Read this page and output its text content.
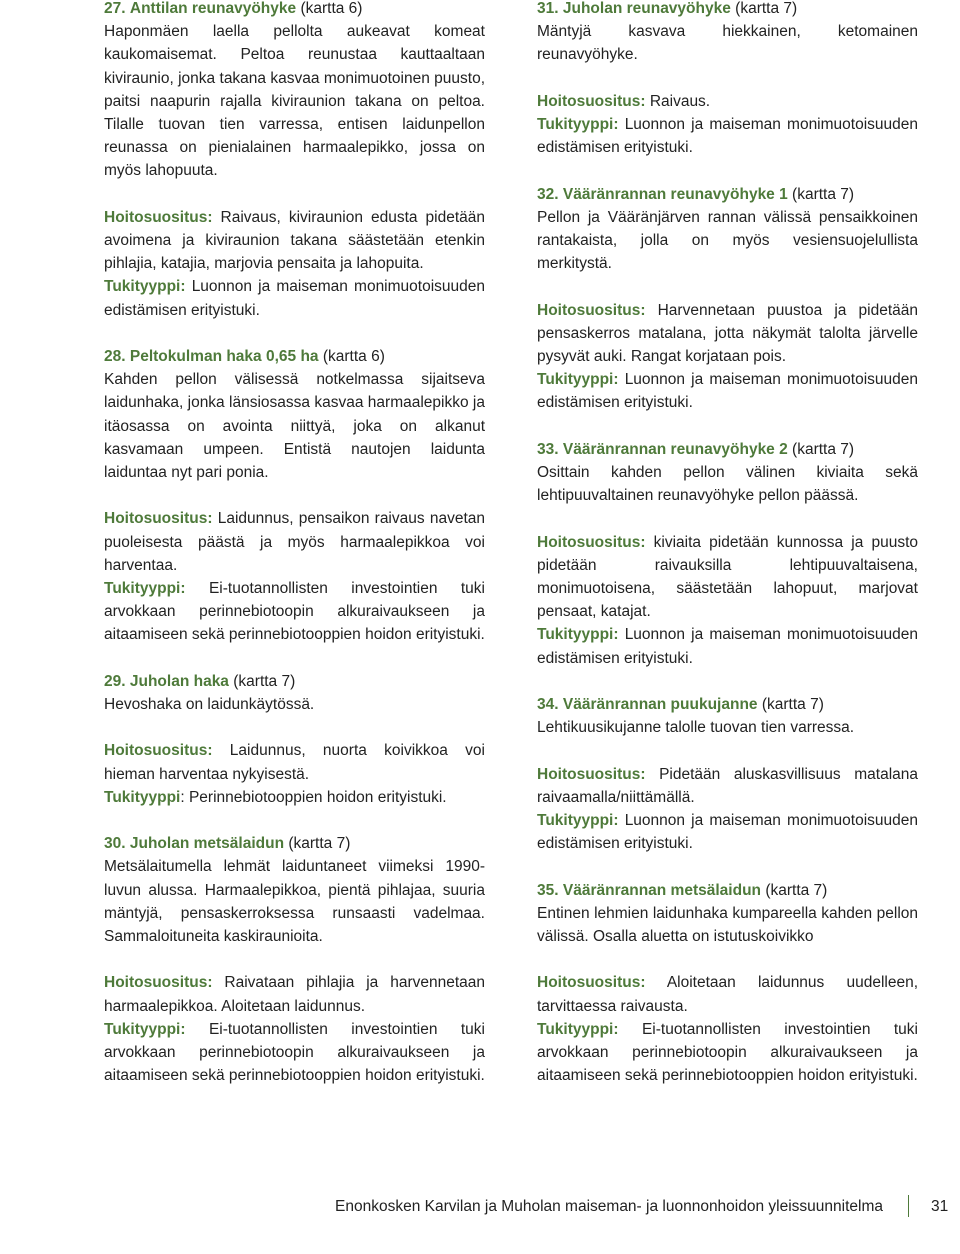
27. Anttilan reunavyöhyke (kartta 6)
Haponmäen laella pellolta aukeavat komeat kaukomaisemat. Peltoa reunustaa kauttaaltaan kiviraunio, jonka takana kasvaa monimuotoinen puusto, paitsi naapurin rajalla kiviraunion takana on peltoa. Tilalle tuovan tien varressa, entisen laidunpellon reunassa on pienialainen harmaalepikko, jossa on myös lahopuuta.

Hoitosuositus: Raivaus, kiviraunion edusta pidetään avoimena ja kiviraunion takana säästetään etenkin pihlajia, katajia, marjovia pensaita ja lahopuita.
Tukityyppi: Luonnon ja maiseman monimuotoisuuden edistämisen erityistuki.

28. Peltokulman haka 0,65 ha (kartta 6)
Kahden pellon välisessä notkelmassa sijaitseva laidunhaka, jonka länsiosassa kasvaa harmaalepikko ja itäosassa on avointa niittyä, joka on alkanut kasvamaan umpeen. Entistä nautojen laidunta laiduntaa nyt pari ponia.

Hoitosuositus: Laidunnus, pensaikon raivaus navetan puoleisesta päästä ja myös harmaalepikkoa voi harventaa.
Tukityyppi: Ei-tuotannollisten investointien tuki arvokkaan perinnebiotoopin alkuraivaukseen ja aitaamiseen sekä perinnebiotooppien hoidon erityistuki.

29. Juholan haka (kartta 7)
Hevoshaka on laidunkäytössä.

Hoitosuositus: Laidunnus, nuorta koivikkoa voi hieman harventaa nykyisestä.
Tukityyppi: Perinnebiotooppien hoidon erityistuki.

30. Juholan metsälaidun (kartta 7)
Metsälaitumella lehmät laiduntaneet viimeksi 1990-luvun alussa. Harmaalepikkoa, pientä pihlajaa, suuria mäntyjä, pensaskerroksessa runsaasti vadelmaa. Sammaloituneita kaskiraunioita.

Hoitosuositus: Raivataan pihlajia ja harvennetaan harmaalepikkoa. Aloitetaan laidunnus.
Tukityyppi: Ei-tuotannollisten investointien tuki arvokkaan perinnebiotoopin alkuraivaukseen ja aitaamiseen sekä perinnebiotooppien hoidon erityistuki.

31. Juholan reunavyöhyke (kartta 7)
Mäntyjä kasvava hiekkainen, ketomainen reunavyöhyke.

Hoitosuositus: Raivaus.
Tukityyppi: Luonnon ja maiseman monimuotoisuuden edistämisen erityistuki.

32. Vääränrannan reunavyöhyke 1 (kartta 7)
Pellon ja Vääränjärven rannan välissä pensaikkoinen rantakaista, jolla on myös vesiensuojelullista merkitystä.

Hoitosuositus: Harvennetaan puustoa ja pidetään pensaskerros matalana, jotta näkymät talolta järvelle pysyvät auki. Rangat korjataan pois.
Tukityyppi: Luonnon ja maiseman monimuotoisuuden edistämisen erityistuki.

33. Vääränrannan reunavyöhyke 2 (kartta 7)
Osittain kahden pellon välinen kiviaita sekä lehtipuuvaltainen reunavyöhyke pellon päässä.

Hoitosuositus: kiviaita pidetään kunnossa ja puusto pidetään raivauksilla lehtipuuvaltaisena, monimuotoisena, säästetään lahopuut, marjovat pensaat, katajat.
Tukityyppi: Luonnon ja maiseman monimuotoisuuden edistämisen erityistuki.

34. Vääränrannan puukujanne (kartta 7)
Lehtikuusikujanne talolle tuovan tien varressa.

Hoitosuositus: Pidetään aluskasvillisuus matalana raivaamalla/niittämällä.
Tukityyppi: Luonnon ja maiseman monimuotoisuuden edistämisen erityistuki.

35. Vääränrannan metsälaidun (kartta 7)
Entinen lehmien laidunhaka kumpareella kahden pellon välissä. Osalla aluetta on istutuskoivikko

Hoitosuositus: Aloitetaan laidunnus uudelleen, tarvittaessa raivausta.
Tukityyppi: Ei-tuotannollisten investointien tuki arvokkaan perinnebiotoopin alkuraivaukseen ja aitaamiseen sekä perinnebiotooppien hoidon erityistuki.

Enonkosken Karvilan ja Muholan maiseman- ja luonnonhoidon yleissuunnitelma	31
